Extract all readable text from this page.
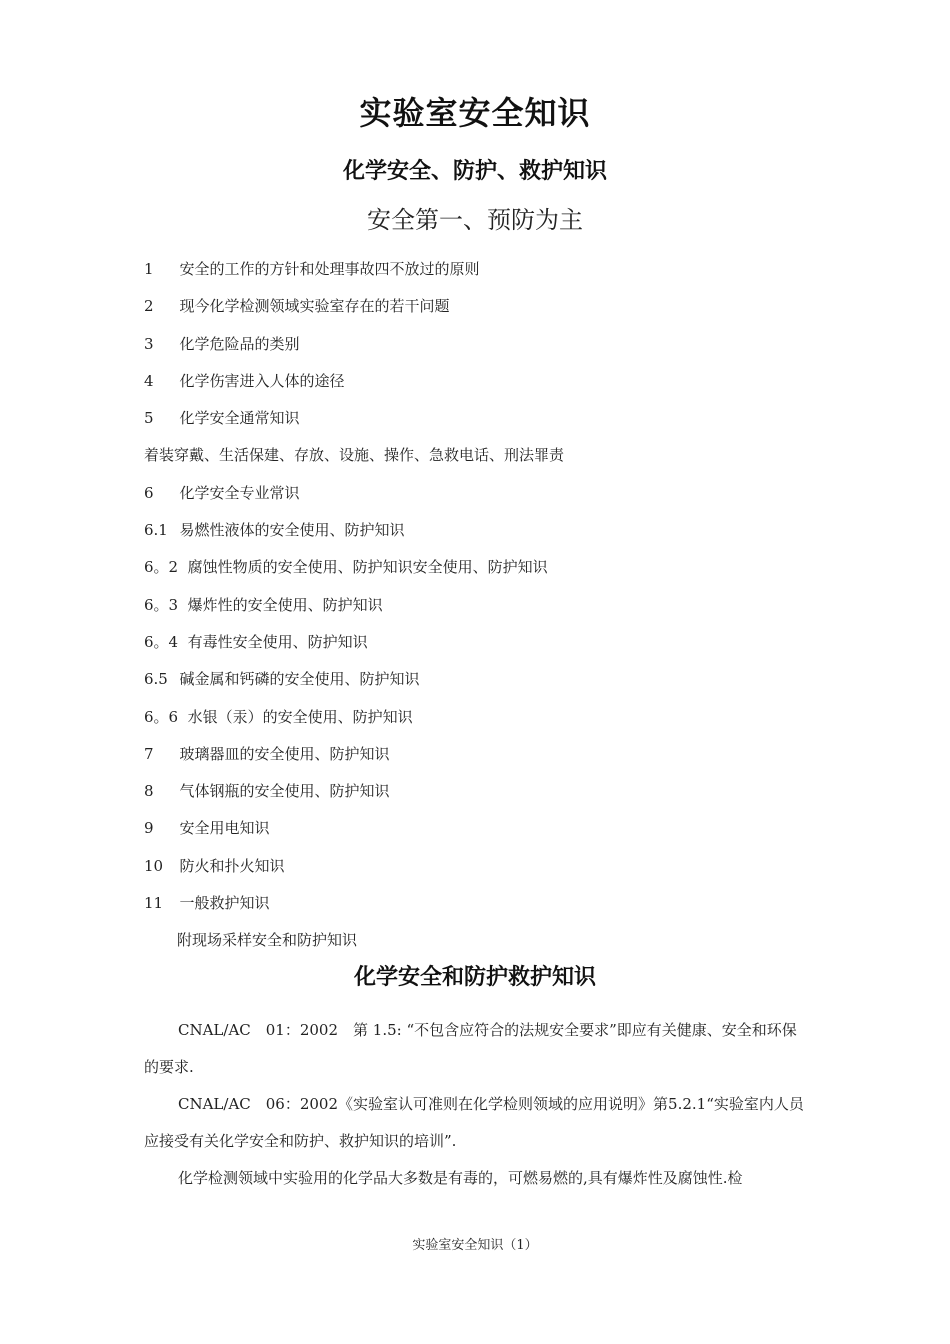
实验室安全知识
化学安全、防护、救护知识
安全第一、预防为主
1 安全的工作的方针和处理事故四不放过的原则
2 现今化学检测领域实验室存在的若干问题
3 化学危险品的类别
4 化学伤害进入人体的途径
5 化学安全通常知识
着装穿戴、生活保建、存放、设施、操作、急救电话、刑法罪责
6 化学安全专业常识
6.1 易燃性液体的安全使用、防护知识
6。2 腐蚀性物质的安全使用、防护知识安全使用、防护知识
6。3 爆炸性的安全使用、防护知识
6。4 有毒性安全使用、防护知识
6.5 碱金属和钙磷的安全使用、防护知识
6。6 水银（汞）的安全使用、防护知识
7 玻璃器皿的安全使用、防护知识
8 气体钢瓶的安全使用、防护知识
9 安全用电知识
10 防火和扑火知识
11 一般救护知识
附现场采样安全和防护知识
化学安全和防护救护知识

CNAL/AC　01：2002　第 1.5: “不包含应符合的法规安全要求”即应有关健康、安全和环保的要求.

CNAL/AC　06：2002《实验室认可准则在化学检则领域的应用说明》第5.2.1“实验室内人员应接受有关化学安全和防护、救护知识的培训”.

化学检测领域中实验用的化学品大多数是有毒的，可燃易燃的,具有爆炸性及腐蚀性.检

实验室安全知识（1）
